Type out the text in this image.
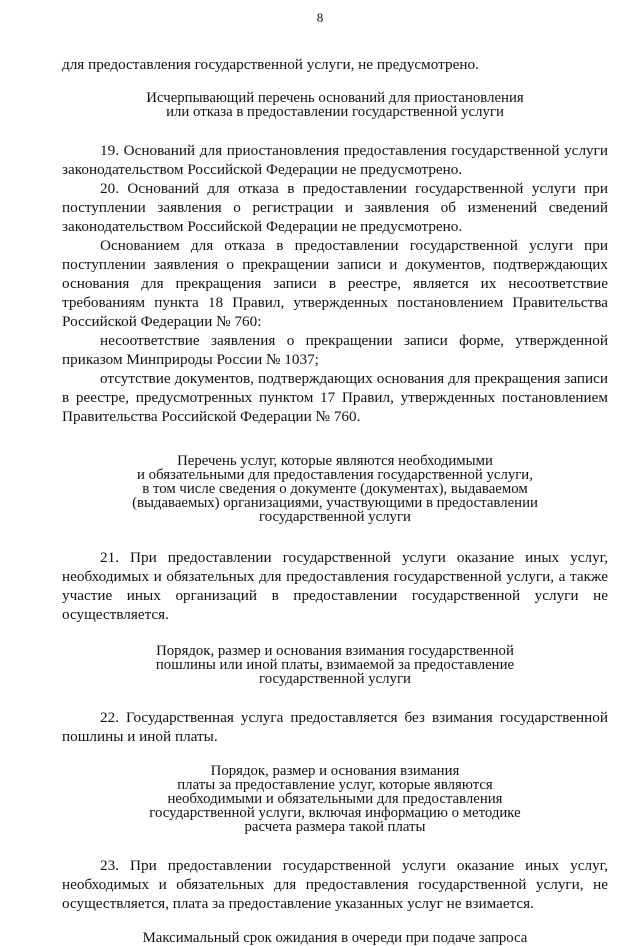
8

для предоставления государственной услуги, не предусмотрено.

Исчерпывающий перечень оснований для приостановления
или отказа в предоставлении государственной услуги

19. Оснований для приостановления предоставления государственной услуги законодательством Российской Федерации не предусмотрено.

20. Оснований для отказа в предоставлении государственной услуги при поступлении заявления о регистрации и заявления об изменений сведений законодательством Российской Федерации не предусмотрено.

Основанием для отказа в предоставлении государственной услуги при поступлении заявления о прекращении записи и документов, подтверждающих основания для прекращения записи в реестре, является их несоответствие требованиям пункта 18 Правил, утвержденных постановлением Правительства Российской Федерации № 760:

несоответствие заявления о прекращении записи форме, утвержденной приказом Минприроды России № 1037;

отсутствие документов, подтверждающих основания для прекращения записи в реестре, предусмотренных пунктом 17 Правил, утвержденных постановлением Правительства Российской Федерации № 760.

Перечень услуг, которые являются необходимыми
и обязательными для предоставления государственной услуги,
в том числе сведения о документе (документах), выдаваемом
(выдаваемых) организациями, участвующими в предоставлении
государственной услуги

21. При предоставлении государственной услуги оказание иных услуг, необходимых и обязательных для предоставления государственной услуги, а также участие иных организаций в предоставлении государственной услуги не осуществляется.

Порядок, размер и основания взимания государственной
пошлины или иной платы, взимаемой за предоставление
государственной услуги

22. Государственная услуга предоставляется без взимания государственной пошлины и иной платы.

Порядок, размер и основания взимания
платы за предоставление услуг, которые являются
необходимыми и обязательными для предоставления
государственной услуги, включая информацию о методике
расчета размера такой платы

23. При предоставлении государственной услуги оказание иных услуг, необходимых и обязательных для предоставления государственной услуги, не осуществляется, плата за предоставление указанных услуг не взимается.

Максимальный срок ожидания в очереди при подаче запроса
